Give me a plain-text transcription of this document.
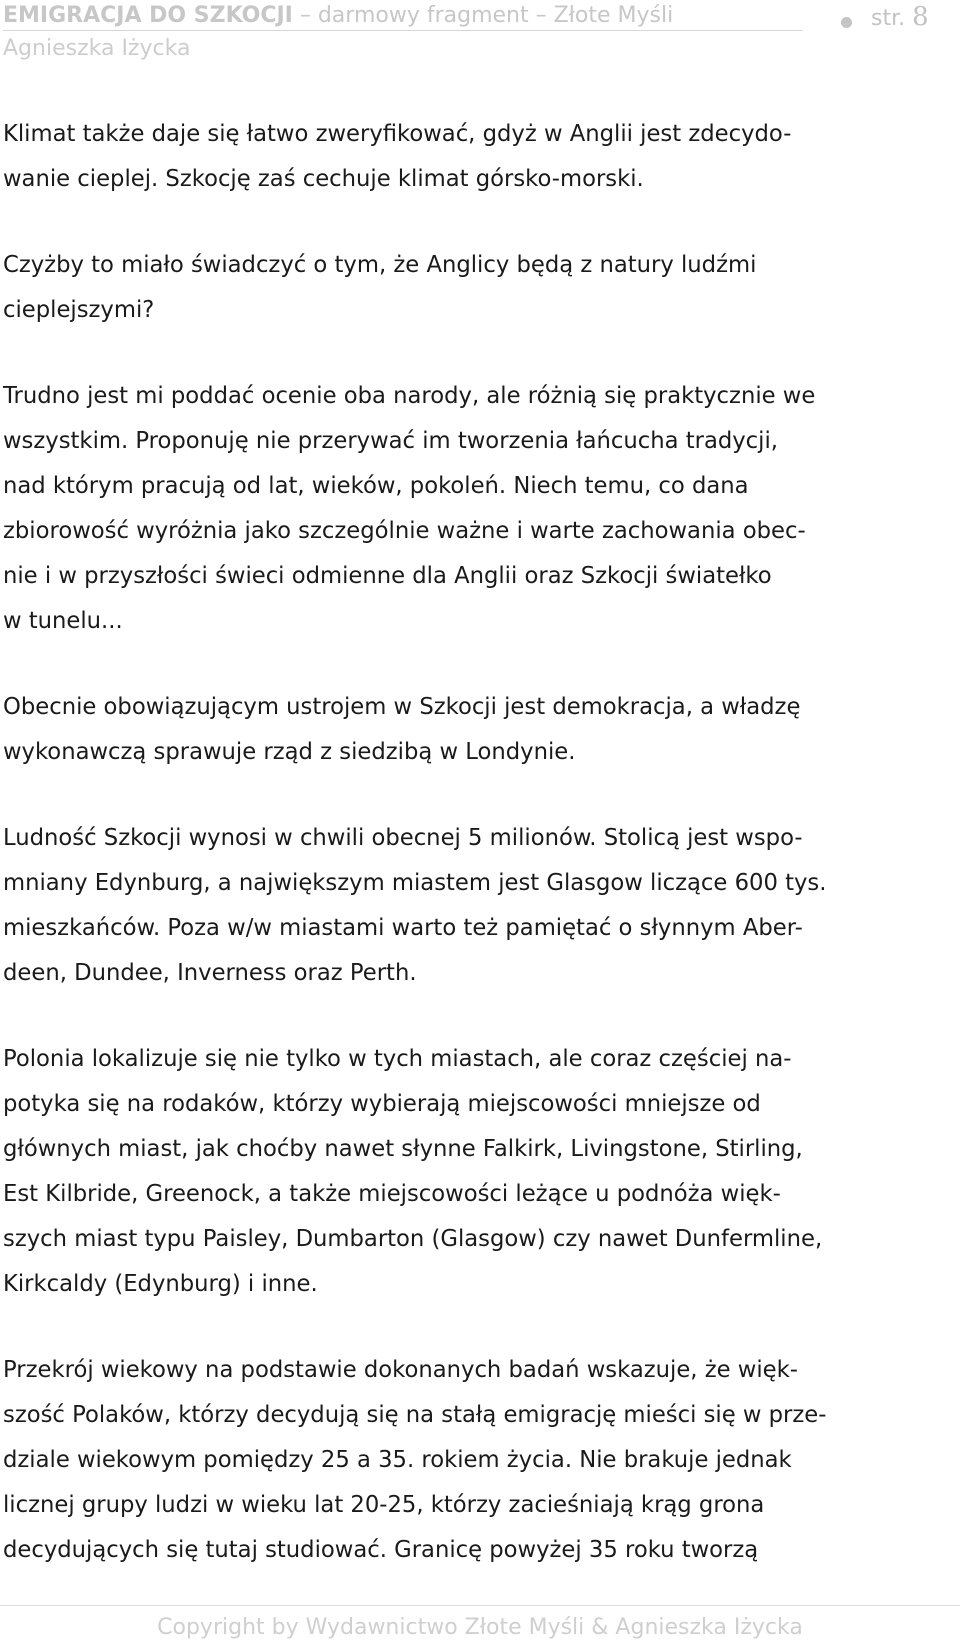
EMIGRACJA DO SZKOCJI – darmowy fragment – Złote Myśli	str. 8
Agnieszka Iżycka

Klimat także daje się łatwo zweryfikować, gdyż w Anglii jest zdecydo-
wanie cieplej. Szkocję zaś cechuje klimat górsko-morski.

Czyżby to miało świadczyć o tym, że Anglicy będą z natury ludźmi
cieplejszymi?

Trudno jest mi poddać ocenie oba narody, ale różnią się praktycznie we
wszystkim. Proponuję nie przerywać im tworzenia łańcucha tradycji,
nad którym pracują od lat, wieków, pokoleń. Niech temu, co dana
zbiorowość wyróżnia jako szczególnie ważne i warte zachowania obec-
nie i w przyszłości świeci odmienne dla Anglii oraz Szkocji światełko
w tunelu...

Obecnie obowiązującym ustrojem w Szkocji jest demokracja, a władzę
wykonawczą sprawuje rząd z siedzibą w Londynie.

Ludność Szkocji wynosi w chwili obecnej 5 milionów. Stolicą jest wspo-
mniany Edynburg, a największym miastem jest Glasgow liczące 600 tys.
mieszkańców. Poza w/w miastami warto też pamiętać o słynnym Aber-
deen, Dundee, Inverness oraz Perth.

Polonia lokalizuje się nie tylko w tych miastach, ale coraz częściej na-
potyka się na rodaków, którzy wybierają miejscowości mniejsze od
głównych miast, jak choćby nawet słynne Falkirk, Livingstone, Stirling,
Est Kilbride, Greenock, a także miejscowości leżące u podnóża więk-
szych miast typu Paisley, Dumbarton (Glasgow) czy nawet Dunfermline,
Kirkcaldy (Edynburg) i inne.

Przekrój wiekowy na podstawie dokonanych badań wskazuje, że więk-
szość Polaków, którzy decydują się na stałą emigrację mieści się w prze-
dziale wiekowym pomiędzy 25 a 35. rokiem życia. Nie brakuje jednak
licznej grupy ludzi w wieku lat 20-25, którzy zacieśniają krąg grona
decydujących się tutaj studiować. Granicę powyżej 35 roku tworzą

Copyright by Wydawnictwo Złote Myśli & Agnieszka Iżycka
